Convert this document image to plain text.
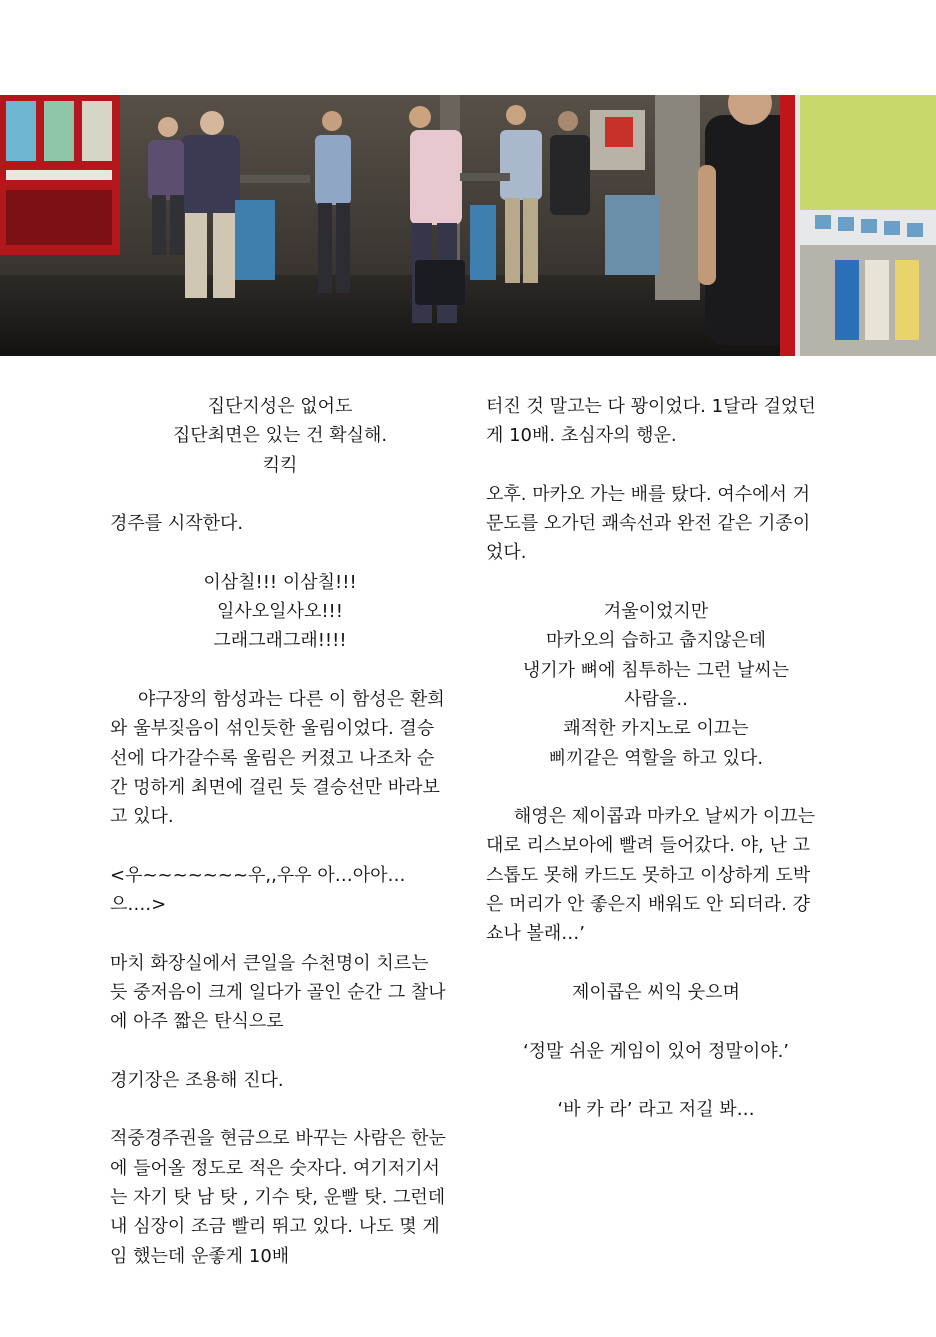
집단지성은 없어도
집단최면은 있는 건 확실해.
킥킥

경주를 시작한다.

이삼칠!!! 이삼칠!!!
일사오일사오!!!
그래그래그래!!!!

야구장의 함성과는 다른 이 함성은 환희와 울부짖음이 섞인듯한 울림이었다. 결승선에 다가갈수록 울림은 커졌고 나조차 순간 멍하게 최면에 걸린 듯 결승선만 바라보고 있다.

<우~~~~~~~우,,우우 아…아아…으….>

마치 화장실에서 큰일을 수천명이 치르는 듯 중저음이 크게 일다가 골인 순간 그 찰나에 아주 짧은 탄식으로

경기장은 조용해 진다.

적중경주권을 현금으로 바꾸는 사람은 한눈에 들어올 정도로 적은 숫자다. 여기저기서는 자기 탓 남 탓 , 기수 탓, 운빨 탓. 그런데 내 심장이 조금 빨리 뛰고 있다. 나도 몇 게임 했는데 운좋게 10배

터진 것 말고는 다 꽝이었다. 1달라 걸었던 게 10배. 초심자의 행운.

오후. 마카오 가는 배를 탔다. 여수에서 거문도를 오가던 쾌속선과 완전 같은 기종이었다.

겨울이었지만
마카오의 습하고 춥지않은데
냉기가 뼈에 침투하는 그런 날씨는
사람을..
쾌적한 카지노로 이끄는
삐끼같은 역할을 하고 있다.

해영은 제이콥과 마카오 날씨가 이끄는 대로 리스보아에 빨려 들어갔다. 야, 난 고스톱도 못해 카드도 못하고 이상하게 도박은 머리가 안 좋은지 배워도 안 되더라. 걍 쇼나 볼래…’

제이콥은 씨익 웃으며

‘정말 쉬운 게임이 있어 정말이야.’

‘바 카 라’ 라고 저길 봐…
